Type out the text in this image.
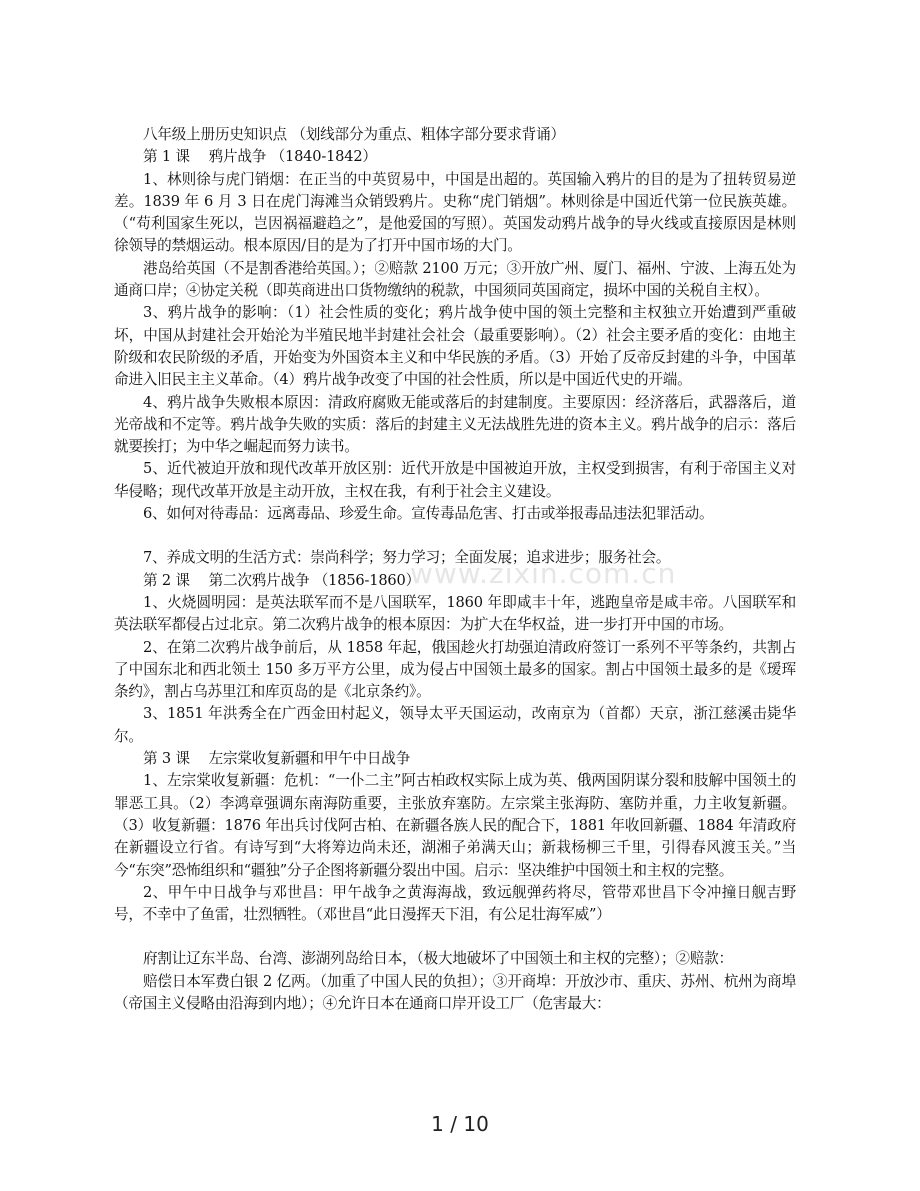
www.zixin.com.cn

八年级上册历史知识点 （划线部分为重点、粗体字部分要求背诵）

第 1 课　 鸦片战争 （1840-1842）

1、林则徐与虎门销烟：在正当的中英贸易中，中国是出超的。英国输入鸦片的目的是为了扭转贸易逆差。1839 年 6 月 3 日在虎门海滩当众销毁鸦片。史称“虎门销烟”。林则徐是中国近代第一位民族英雄。（“苟利国家生死以，岂因祸福避趋之”，是他爱国的写照）。英国发动鸦片战争的导火线或直接原因是林则徐领导的禁烟运动。根本原因/目的是为了打开中国市场的大门。

港岛给英国（不是割香港给英国。）；②赔款 2100 万元；③开放广州、厦门、福州、宁波、上海五处为通商口岸；④协定关税（即英商进出口货物缴纳的税款，中国须同英国商定，损坏中国的关税自主权）。

3、鸦片战争的影响：（1）社会性质的变化；鸦片战争使中国的领土完整和主权独立开始遭到严重破坏，中国从封建社会开始沦为半殖民地半封建社会社会（最重要影响）。（2）社会主要矛盾的变化：由地主阶级和农民阶级的矛盾，开始变为外国资本主义和中华民族的矛盾。（3）开始了反帝反封建的斗争，中国革命进入旧民主主义革命。（4）鸦片战争改变了中国的社会性质，所以是中国近代史的开端。

4、鸦片战争失败根本原因：清政府腐败无能或落后的封建制度。主要原因：经济落后，武器落后，道光帝战和不定等。鸦片战争失败的实质：落后的封建主义无法战胜先进的资本主义。鸦片战争的启示：落后就要挨打；为中华之崛起而努力读书。

5、近代被迫开放和现代改革开放区别：近代开放是中国被迫开放，主权受到损害，有利于帝国主义对华侵略；现代改革开放是主动开放，主权在我，有利于社会主义建设。

6、如何对待毒品：远离毒品、珍爱生命。宣传毒品危害、打击或举报毒品违法犯罪活动。

7、养成文明的生活方式：崇尚科学；努力学习；全面发展；追求进步；服务社会。

第 2 课　 第二次鸦片战争 （1856-1860）

1、火烧圆明园：是英法联军而不是八国联军，1860 年即咸丰十年，逃跑皇帝是咸丰帝。八国联军和英法联军都侵占过北京。第二次鸦片战争的根本原因：为扩大在华权益，进一步打开中国的市场。

2、在第二次鸦片战争前后，从 1858 年起，俄国趁火打劫强迫清政府签订一系列不平等条约，共割占了中国东北和西北领土 150 多万平方公里，成为侵占中国领土最多的国家。割占中国领土最多的是《瑷珲条约》，割占乌苏里江和库页岛的是《北京条约》。

3、1851 年洪秀全在广西金田村起义，领导太平天国运动，改南京为（首都）天京，浙江慈溪击毙华尔。

第 3 课　 左宗棠收复新疆和甲午中日战争

1、左宗棠收复新疆：危机：“一仆二主”阿古柏政权实际上成为英、俄两国阴谋分裂和肢解中国领土的罪恶工具。（2）李鸿章强调东南海防重要，主张放弃塞防。左宗棠主张海防、塞防并重，力主收复新疆。（3）收复新疆：1876 年出兵讨伐阿古柏、在新疆各族人民的配合下，1881 年收回新疆、1884 年清政府在新疆设立行省。有诗写到“大将筹边尚未还，湖湘子弟满天山；新栽杨柳三千里，引得春风渡玉关。”当今“东突”恐怖组织和“疆独”分子企图将新疆分裂出中国。启示：坚决维护中国领土和主权的完整。

2、甲午中日战争与邓世昌：甲午战争之黄海海战，致远舰弹药将尽，管带邓世昌下令冲撞日舰吉野号，不幸中了鱼雷，壮烈牺牲。（邓世昌“此日漫挥天下泪，有公足壮海军威”）

府割让辽东半岛、台湾、澎湖列岛给日本，（极大地破坏了中国领土和主权的完整）；②赔款：

赔偿日本军费白银 2 亿两。（加重了中国人民的负担）；③开商埠：开放沙市、重庆、苏州、杭州为商埠（帝国主义侵略由沿海到内地）；④允许日本在通商口岸开设工厂（危害最大：

1 / 10
